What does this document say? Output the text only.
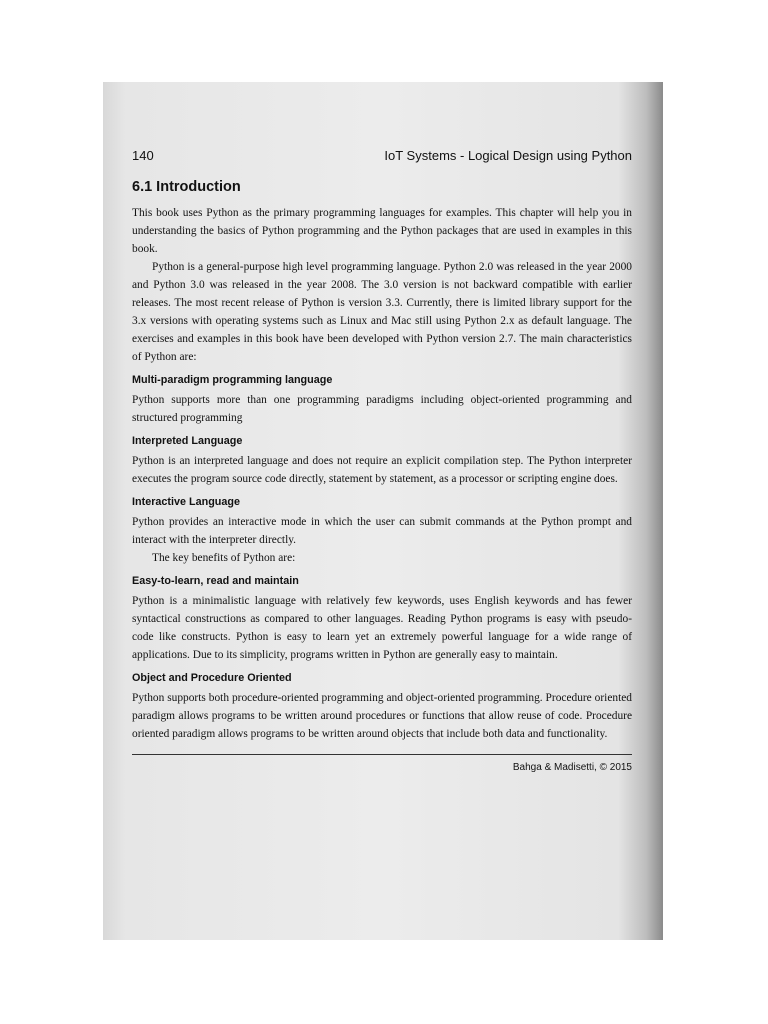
140	IoT Systems - Logical Design using Python
6.1 Introduction

This book uses Python as the primary programming languages for examples. This chapter will help you in understanding the basics of Python programming and the Python packages that are used in examples in this book.

Python is a general-purpose high level programming language. Python 2.0 was released in the year 2000 and Python 3.0 was released in the year 2008. The 3.0 version is not backward compatible with earlier releases. The most recent release of Python is version 3.3. Currently, there is limited library support for the 3.x versions with operating systems such as Linux and Mac still using Python 2.x as default language. The exercises and examples in this book have been developed with Python version 2.7. The main characteristics of Python are:

Multi-paradigm programming language

Python supports more than one programming paradigms including object-oriented programming and structured programming

Interpreted Language

Python is an interpreted language and does not require an explicit compilation step. The Python interpreter executes the program source code directly, statement by statement, as a processor or scripting engine does.

Interactive Language

Python provides an interactive mode in which the user can submit commands at the Python prompt and interact with the interpreter directly.

The key benefits of Python are:

Easy-to-learn, read and maintain

Python is a minimalistic language with relatively few keywords, uses English keywords and has fewer syntactical constructions as compared to other languages. Reading Python programs is easy with pseudo-code like constructs. Python is easy to learn yet an extremely powerful language for a wide range of applications. Due to its simplicity, programs written in Python are generally easy to maintain.

Object and Procedure Oriented

Python supports both procedure-oriented programming and object-oriented programming. Procedure oriented paradigm allows programs to be written around procedures or functions that allow reuse of code. Procedure oriented paradigm allows programs to be written around objects that include both data and functionality.

Bahga & Madisetti, © 2015
